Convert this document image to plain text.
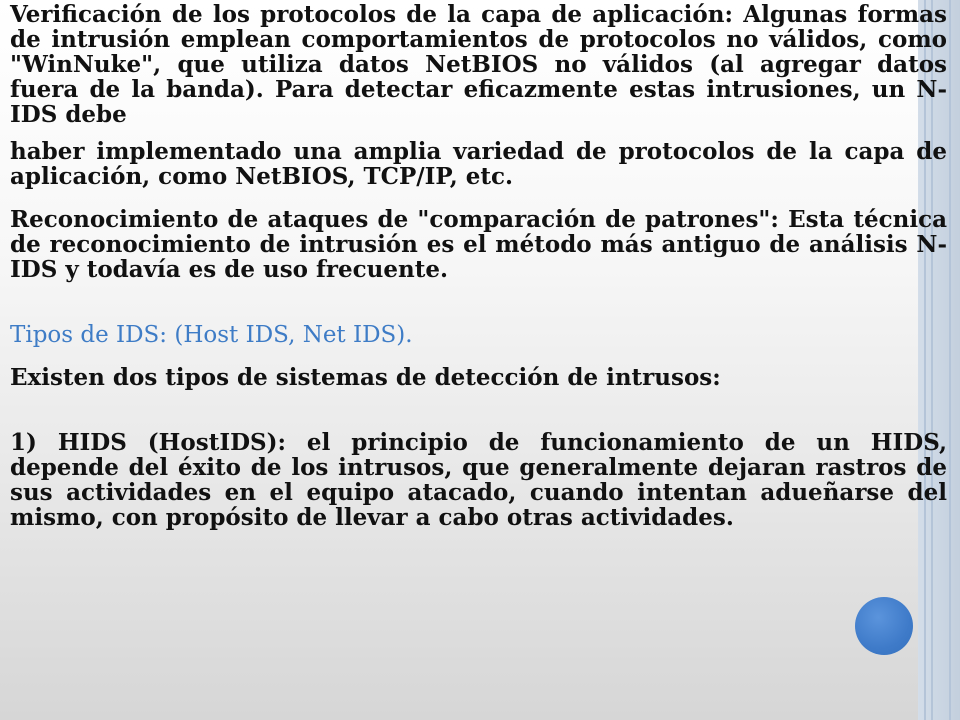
Verificación de los protocolos de la capa de aplicación: Algunas formas de intrusión emplean comportamientos de protocolos no válidos, como "WinNuke", que utiliza datos NetBIOS no válidos (al agregar datos fuera de la banda). Para detectar eficazmente estas intrusiones, un N-IDS debe

haber implementado una amplia variedad de protocolos de la capa de aplicación, como NetBIOS, TCP/IP, etc.

Reconocimiento de ataques de "comparación de patrones": Esta técnica de reconocimiento de intrusión es el método más antiguo de análisis N-IDS y todavía es de uso frecuente.

Tipos de IDS: (Host IDS, Net IDS).

Existen dos tipos de sistemas de detección de intrusos:

1) HIDS (HostIDS): el principio de funcionamiento de un HIDS, depende del éxito de los intrusos, que generalmente dejaran rastros de sus actividades en el equipo atacado, cuando intentan adueñarse del mismo, con propósito de llevar a cabo otras actividades.
